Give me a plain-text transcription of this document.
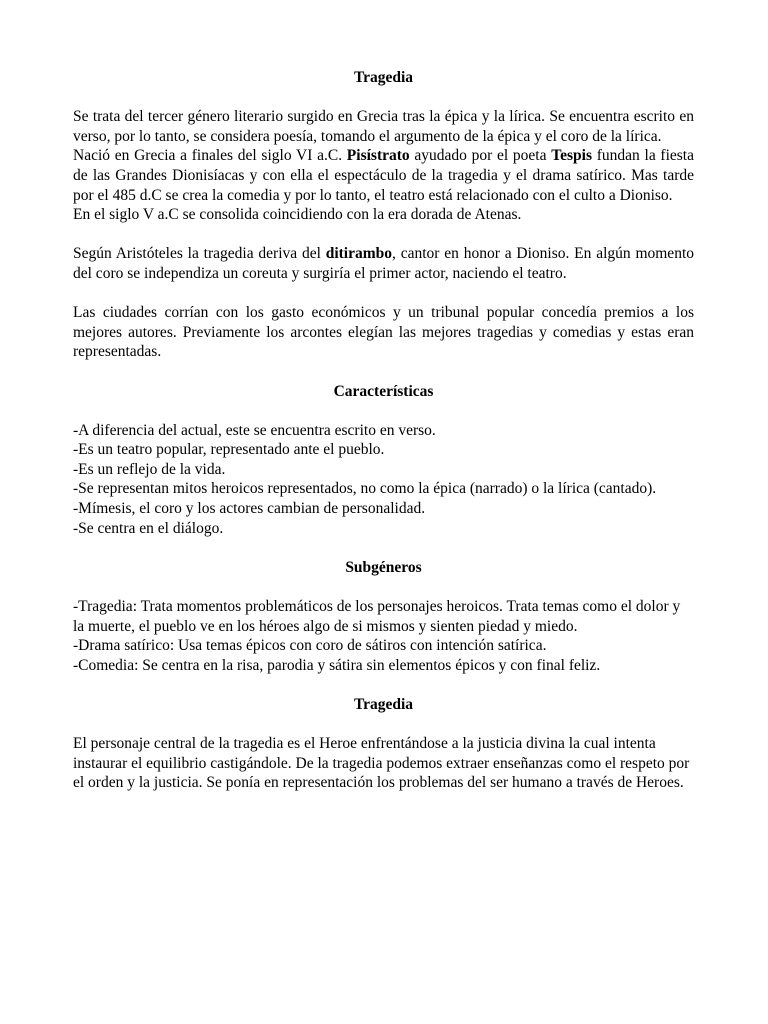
Tragedia

Se trata del tercer género literario surgido en Grecia tras la épica y la lírica. Se encuentra escrito en verso, por lo tanto, se considera poesía, tomando el argumento de la épica y el coro de la lírica.

Nació en Grecia a finales del siglo VI a.C. Pisístrato ayudado por el poeta Tespis fundan la fiesta de las Grandes Dionisíacas y con ella el espectáculo de la tragedia y el drama satírico. Mas tarde por el 485 d.C se crea la comedia y por lo tanto, el teatro está relacionado con el culto a Dioniso.

En el siglo V a.C se consolida coincidiendo con la era dorada de Atenas.

Según Aristóteles la tragedia deriva del ditirambo, cantor en honor a Dioniso. En algún momento del coro se independiza un coreuta y surgiría el primer actor, naciendo el teatro.

Las ciudades corrían con los gasto económicos y un tribunal popular concedía premios a los mejores autores. Previamente los arcontes elegían las mejores tragedias y comedias y estas eran representadas.

Características

-A diferencia del actual, este se encuentra escrito en verso.

-Es un teatro popular, representado ante el pueblo.

-Es un reflejo de la vida.

-Se representan mitos heroicos representados, no como la épica (narrado) o la lírica (cantado).

-Mímesis, el coro y los actores cambian de personalidad.

-Se centra en el diálogo.

Subgéneros

-Tragedia: Trata momentos problemáticos de los personajes heroicos. Trata temas como el dolor y la muerte, el pueblo ve en los héroes algo de si mismos y sienten piedad y miedo.

-Drama satírico: Usa temas épicos con coro de sátiros con intención satírica.

-Comedia: Se centra en la risa, parodia y sátira sin elementos épicos y con final feliz.

Tragedia

El personaje central de la tragedia es el Heroe enfrentándose a la justicia divina la cual intenta instaurar el equilibrio castigándole. De la tragedia podemos extraer enseñanzas como el respeto por el orden y la justicia. Se ponía en representación los problemas del ser humano a través de Heroes.
